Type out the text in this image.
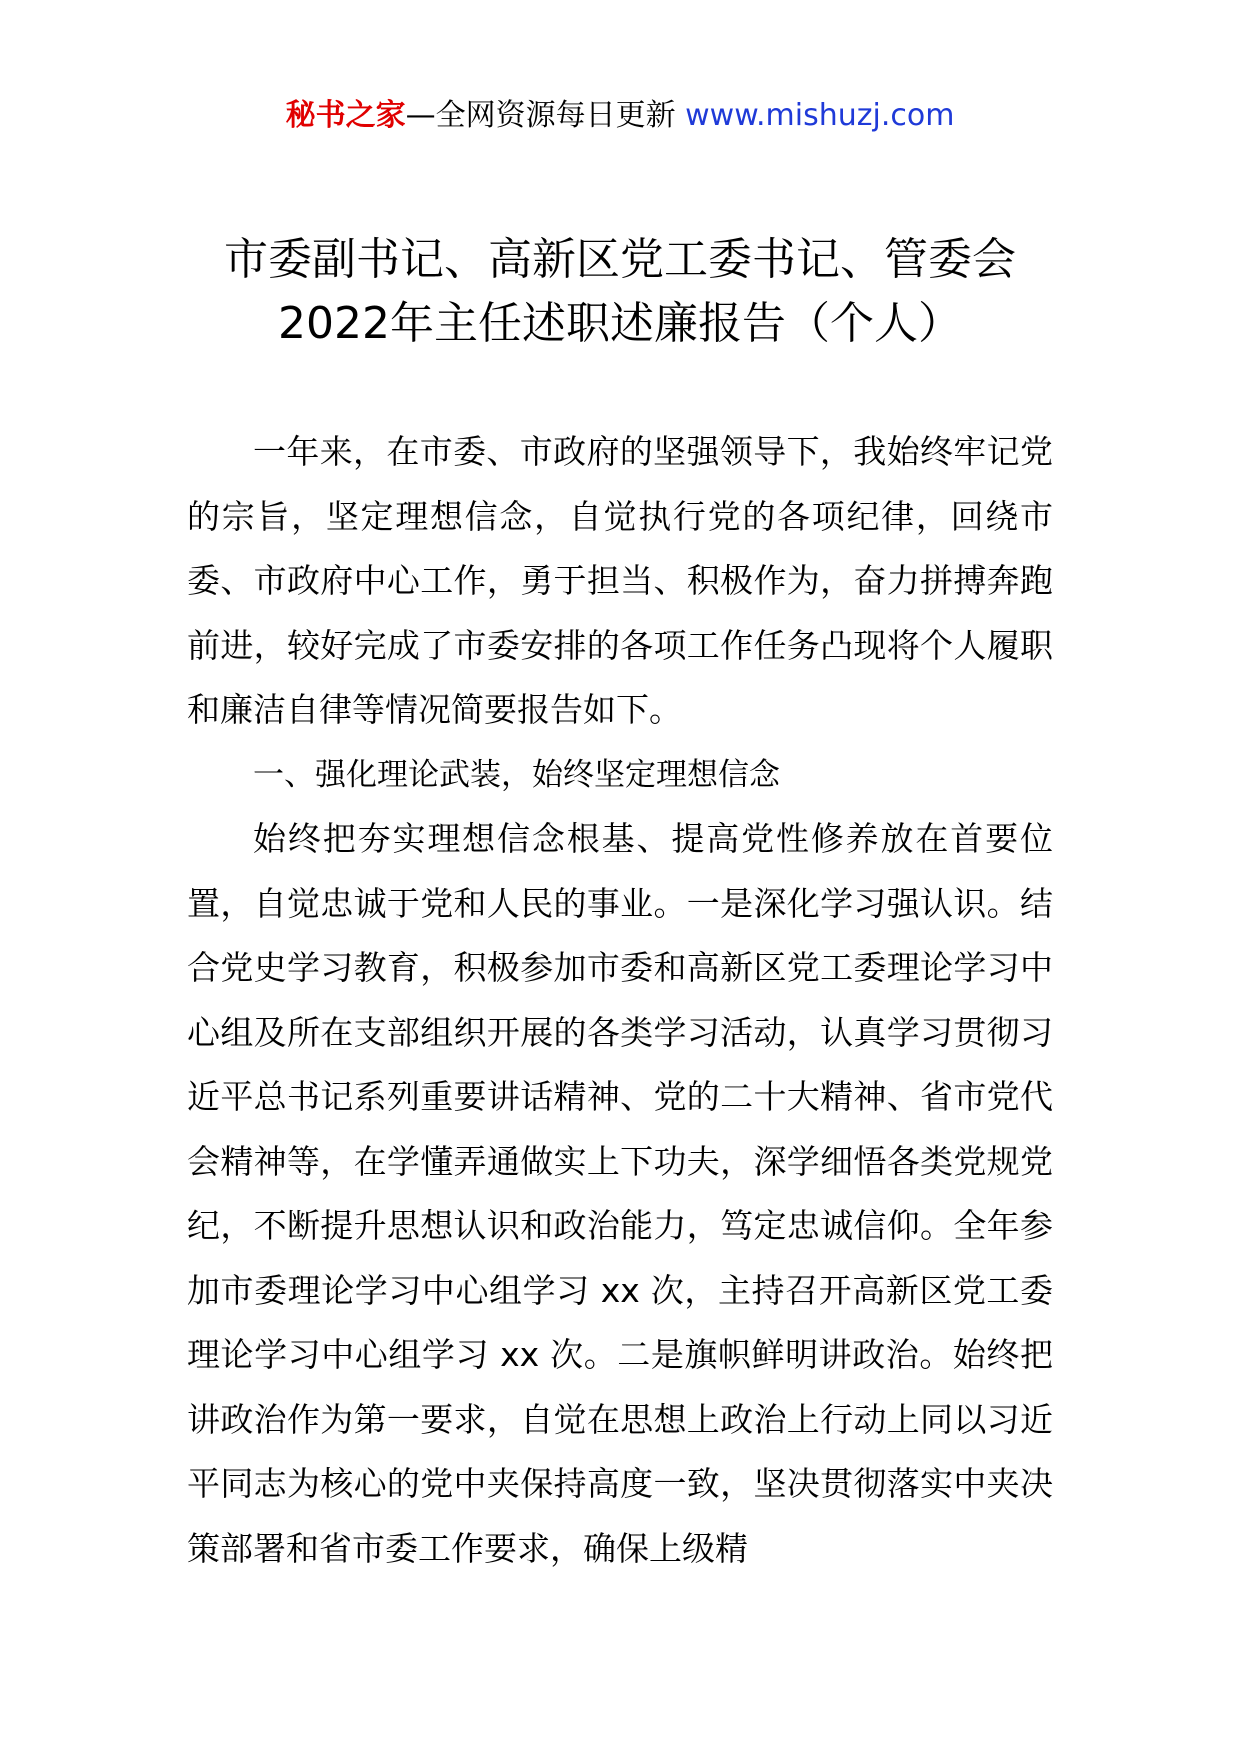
秘书之家—全网资源每日更新 www.mishuzj.com
市委副书记、高新区党工委书记、管委会
2022年主任述职述廉报告（个人）

一年来，在市委、市政府的坚强领导下，我始终牢记党的宗旨，坚定理想信念，自觉执行党的各项纪律，回绕市委、市政府中心工作，勇于担当、积极作为，奋力拼搏奔跑前进，较好完成了市委安排的各项工作任务凸现将个人履职和廉洁自律等情况简要报告如下。

一、强化理论武装，始终坚定理想信念

始终把夯实理想信念根基、提高党性修养放在首要位置，自觉忠诚于党和人民的事业。一是深化学习强认识。结合党史学习教育，积极参加市委和高新区党工委理论学习中心组及所在支部组织开展的各类学习活动，认真学习贯彻习近平总书记系列重要讲话精神、党的二十大精神、省市党代会精神等，在学懂弄通做实上下功夫，深学细悟各类党规党纪，不断提升思想认识和政治能力，笃定忠诚信仰。全年参加市委理论学习中心组学习 xx 次，主持召开高新区党工委理论学习中心组学习 xx 次。二是旗帜鲜明讲政治。始终把讲政治作为第一要求，自觉在思想上政治上行动上同以习近平同志为核心的党中夹保持高度一致，坚决贯彻落实中夹决策部署和省市委工作要求，确保上级精
